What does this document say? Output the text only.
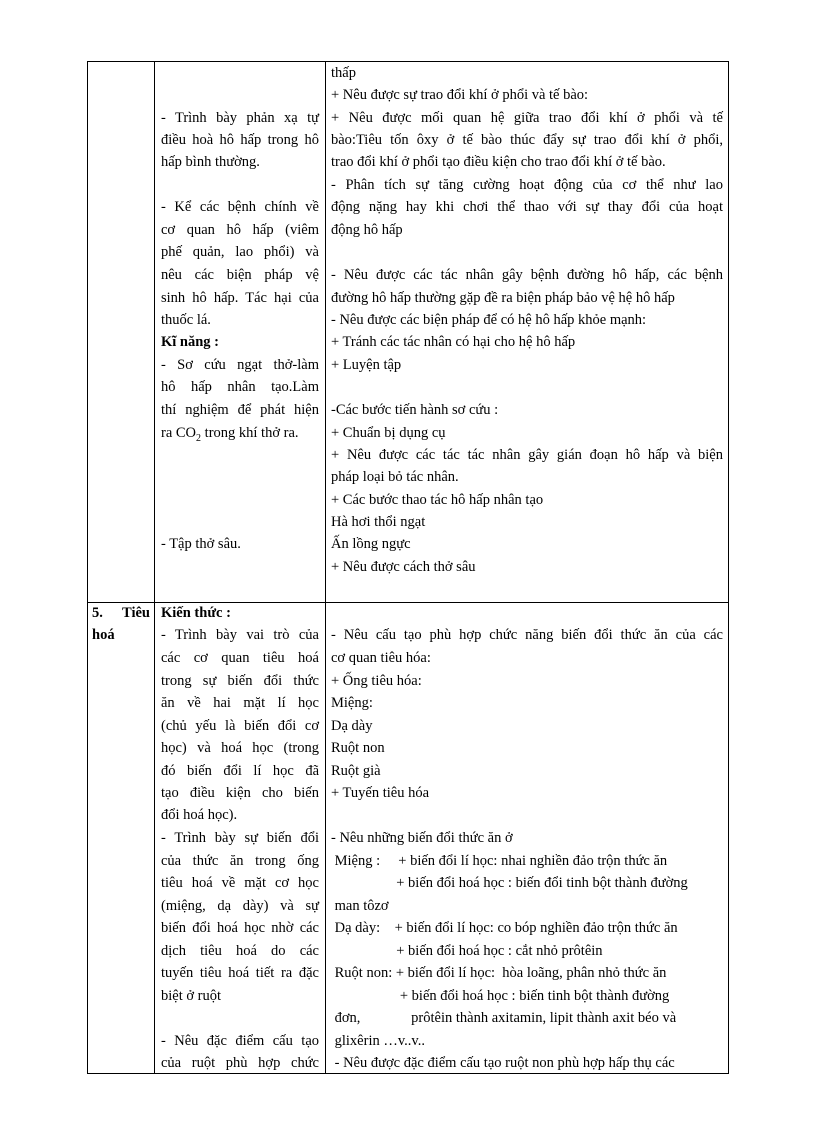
- Trình bày phản xạ tự
điều hoà hô hấp trong hô
hấp bình thường.
- Kể các bệnh chính về
cơ quan hô hấp (viêm
phế quản, lao phổi) và
nêu các biện pháp vệ
sinh hô hấp. Tác hại của
thuốc lá.
Kĩ năng :
- Sơ cứu ngạt thở-làm
hô hấp nhân tạo.Làm
thí nghiệm để phát hiện
ra $CO_2$ trong khí thở ra.
- Tập thở sâu.
thấp
+ Nêu được sự trao đổi khí ở phổi và tế bào:
+ Nêu được mối quan hệ giữa trao đổi khí ở phổi và tế
bào:Tiêu tốn ôxy ở tế bào thúc đẩy sự trao đổi khí ở phổi,
trao đổi khí ở phổi tạo điều kiện cho trao đổi khí ở tế bào.
- Phân tích sự tăng cường hoạt động của cơ thể như lao
động nặng hay khi chơi thể thao với sự thay đổi của hoạt
động hô hấp
- Nêu được các tác nhân gây bệnh đường hô hấp, các bệnh
đường hô hấp thường gặp đề ra biện pháp bảo vệ hệ hô hấp
- Nêu được các biện pháp để có hệ hô hấp khỏe mạnh:
+ Tránh các tác nhân có hại cho hệ hô hấp
+ Luyện tập
-Các bước tiến hành sơ cứu :
+ Chuẩn bị dụng cụ
+ Nêu được các tác tác nhân gây gián đoạn hô hấp và biện
pháp loại bỏ tác nhân.
+ Các bước thao tác hô hấp nhân tạo
Hà hơi thổi ngạt
Ấn lồng ngực
+ Nêu được cách thở sâu
5. Tiêu
hoá
Kiến thức :
- Trình bày vai trò của
các cơ quan tiêu hoá
trong sự biến đổi thức
ăn về hai mặt lí học
(chủ yếu là biến đổi cơ
học) và hoá học (trong
đó biến đổi lí học đã
tạo điều kiện cho biến
đổi hoá học).
- Trình bày sự biến đổi
của thức ăn trong ống
tiêu hoá về mặt cơ học
(miệng, dạ dày) và sự
biến đổi hoá học nhờ các
dịch tiêu hoá do các
tuyến tiêu hoá tiết ra đặc
biệt ở ruột
- Nêu đặc điểm cấu tạo
của ruột phù hợp chức
- Nêu cấu tạo phù hợp chức năng biến đổi thức ăn của các
cơ quan tiêu hóa:
+ Ống tiêu hóa:
Miệng:
Dạ dày
Ruột non
Ruột già
+ Tuyến tiêu hóa
- Nêu những biến đổi thức ăn ở
Miệng :     + biến đổi lí học: nhai nghiền đảo trộn thức ăn
+ biến đổi hoá học : biến đổi tinh bột thành đường
man tôzơ
Dạ dày:    + biến đổi lí học: co bóp nghiền đảo trộn thức ăn
+ biến đổi hoá học : cắt nhỏ prôtêin
Ruột non: + biến đổi lí học:  hòa loãng, phân nhỏ thức ăn
+ biến đổi hoá học : biến tinh bột thành đường
đơn,              prôtêin thành axitamin, lipit thành axit béo và
glixêrin …v..v..
- Nêu được đặc điểm cấu tạo ruột non phù hợp hấp thụ các
